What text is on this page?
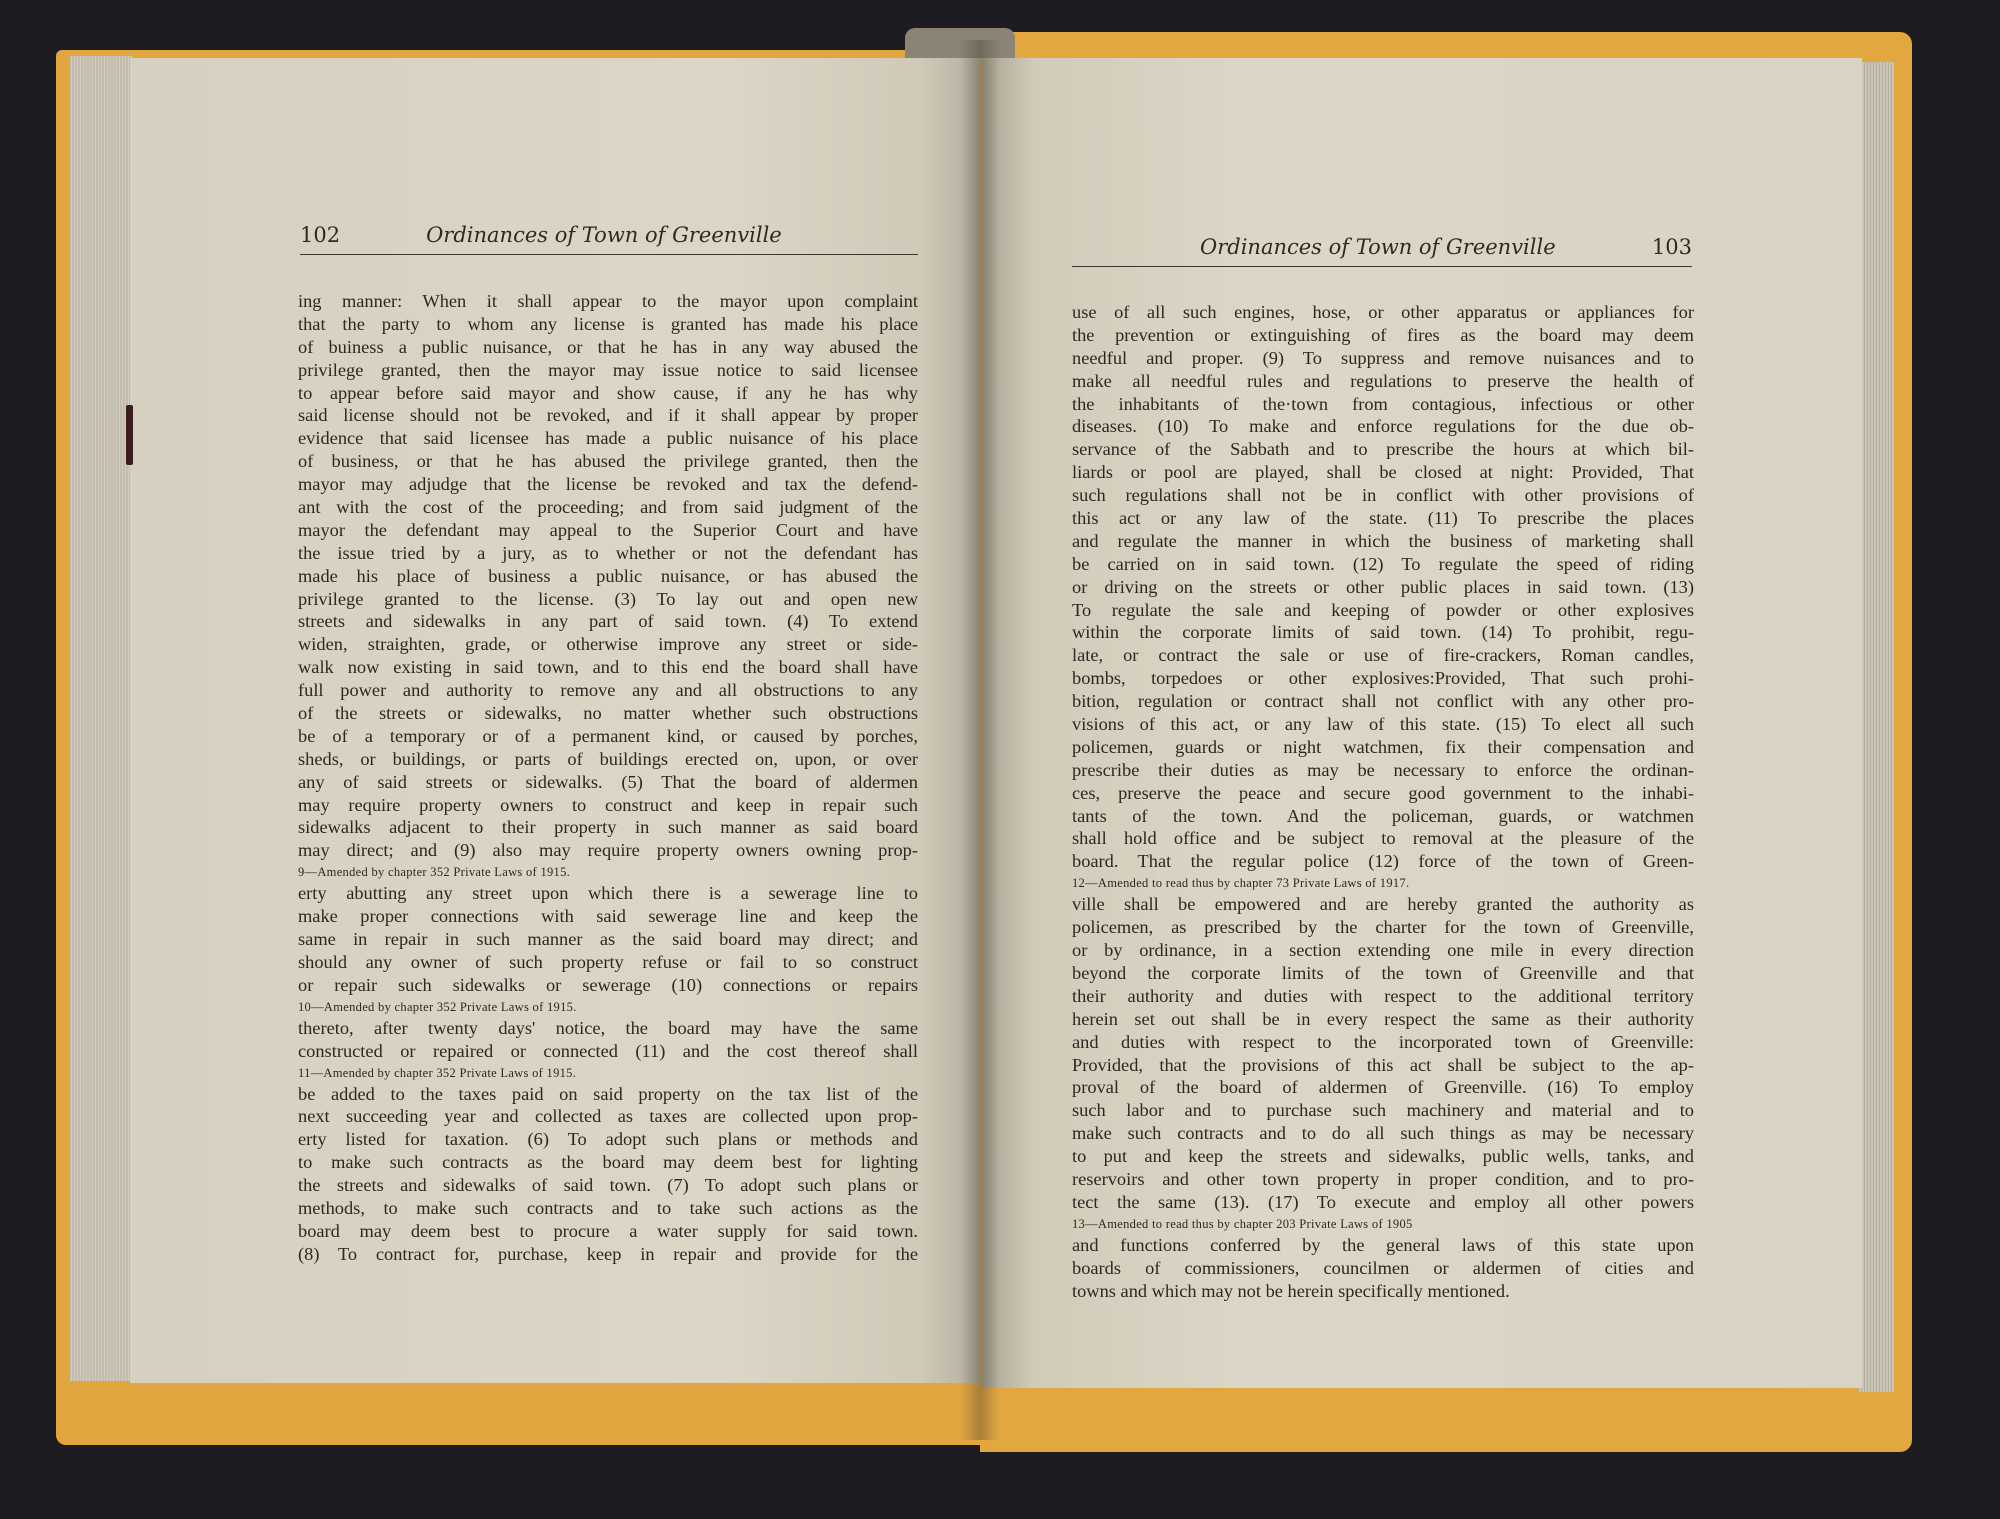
102	Ordinances of Town of Greenville
ing manner: When it shall appear to the mayor upon complaint
that the party to whom any license is granted has made his place
of buiness a public nuisance, or that he has in any way abused the
privilege granted, then the mayor may issue notice to said licensee
to appear before said mayor and show cause, if any he has why
said license should not be revoked, and if it shall appear by proper
evidence that said licensee has made a public nuisance of his place
of business, or that he has abused the privilege granted, then the
mayor may adjudge that the license be revoked and tax the defend-
ant with the cost of the proceeding; and from said judgment of the
mayor the defendant may appeal to the Superior Court and have
the issue tried by a jury, as to whether or not the defendant has
made his place of business a public nuisance, or has abused the
privilege granted to the license. (3) To lay out and open new
streets and sidewalks in any part of said town. (4) To extend
widen, straighten, grade, or otherwise improve any street or side-
walk now existing in said town, and to this end the board shall have
full power and authority to remove any and all obstructions to any
of the streets or sidewalks, no matter whether such obstructions
be of a temporary or of a permanent kind, or caused by porches,
sheds, or buildings, or parts of buildings erected on, upon, or over
any of said streets or sidewalks. (5) That the board of aldermen
may require property owners to construct and keep in repair such
sidewalks adjacent to their property in such manner as said board
may direct; and (9) also may require property owners owning prop-
9—Amended by chapter 352 Private Laws of 1915.
erty abutting any street upon which there is a sewerage line to
make proper connections with said sewerage line and keep the
same in repair in such manner as the said board may direct; and
should any owner of such property refuse or fail to so construct
or repair such sidewalks or sewerage (10) connections or repairs
10—Amended by chapter 352 Private Laws of 1915.
thereto, after twenty days' notice, the board may have the same
constructed or repaired or connected (11) and the cost thereof shall
11—Amended by chapter 352 Private Laws of 1915.
be added to the taxes paid on said property on the tax list of the
next succeeding year and collected as taxes are collected upon prop-
erty listed for taxation. (6) To adopt such plans or methods and
to make such contracts as the board may deem best for lighting
the streets and sidewalks of said town. (7) To adopt such plans or
methods, to make such contracts and to take such actions as the
board may deem best to procure a water supply for said town.
(8) To contract for, purchase, keep in repair and provide for the
Ordinances of Town of Greenville	103
use of all such engines, hose, or other apparatus or appliances for
the prevention or extinguishing of fires as the board may deem
needful and proper. (9) To suppress and remove nuisances and to
make all needful rules and regulations to preserve the health of
the inhabitants of the·town from contagious, infectious or other
diseases. (10) To make and enforce regulations for the due ob-
servance of the Sabbath and to prescribe the hours at which bil-
liards or pool are played, shall be closed at night: Provided, That
such regulations shall not be in conflict with other provisions of
this act or any law of the state. (11) To prescribe the places
and regulate the manner in which the business of marketing shall
be carried on in said town. (12) To regulate the speed of riding
or driving on the streets or other public places in said town. (13)
To regulate the sale and keeping of powder or other explosives
within the corporate limits of said town. (14) To prohibit, regu-
late, or contract the sale or use of fire-crackers, Roman candles,
bombs, torpedoes or other explosives:Provided, That such prohi-
bition, regulation or contract shall not conflict with any other pro-
visions of this act, or any law of this state. (15) To elect all such
policemen, guards or night watchmen, fix their compensation and
prescribe their duties as may be necessary to enforce the ordinan-
ces, preserve the peace and secure good government to the inhabi-
tants of the town. And the policeman, guards, or watchmen
shall hold office and be subject to removal at the pleasure of the
board. That the regular police (12) force of the town of Green-
12—Amended to read thus by chapter 73 Private Laws of 1917.
ville shall be empowered and are hereby granted the authority as
policemen, as prescribed by the charter for the town of Greenville,
or by ordinance, in a section extending one mile in every direction
beyond the corporate limits of the town of Greenville and that
their authority and duties with respect to the additional territory
herein set out shall be in every respect the same as their authority
and duties with respect to the incorporated town of Greenville:
Provided, that the provisions of this act shall be subject to the ap-
proval of the board of aldermen of Greenville. (16) To employ
such labor and to purchase such machinery and material and to
make such contracts and to do all such things as may be necessary
to put and keep the streets and sidewalks, public wells, tanks, and
reservoirs and other town property in proper condition, and to pro-
tect the same (13). (17) To execute and employ all other powers
13—Amended to read thus by chapter 203 Private Laws of 1905
and functions conferred by the general laws of this state upon
boards of commissioners, councilmen or aldermen of cities and
towns and which may not be herein specifically mentioned.
